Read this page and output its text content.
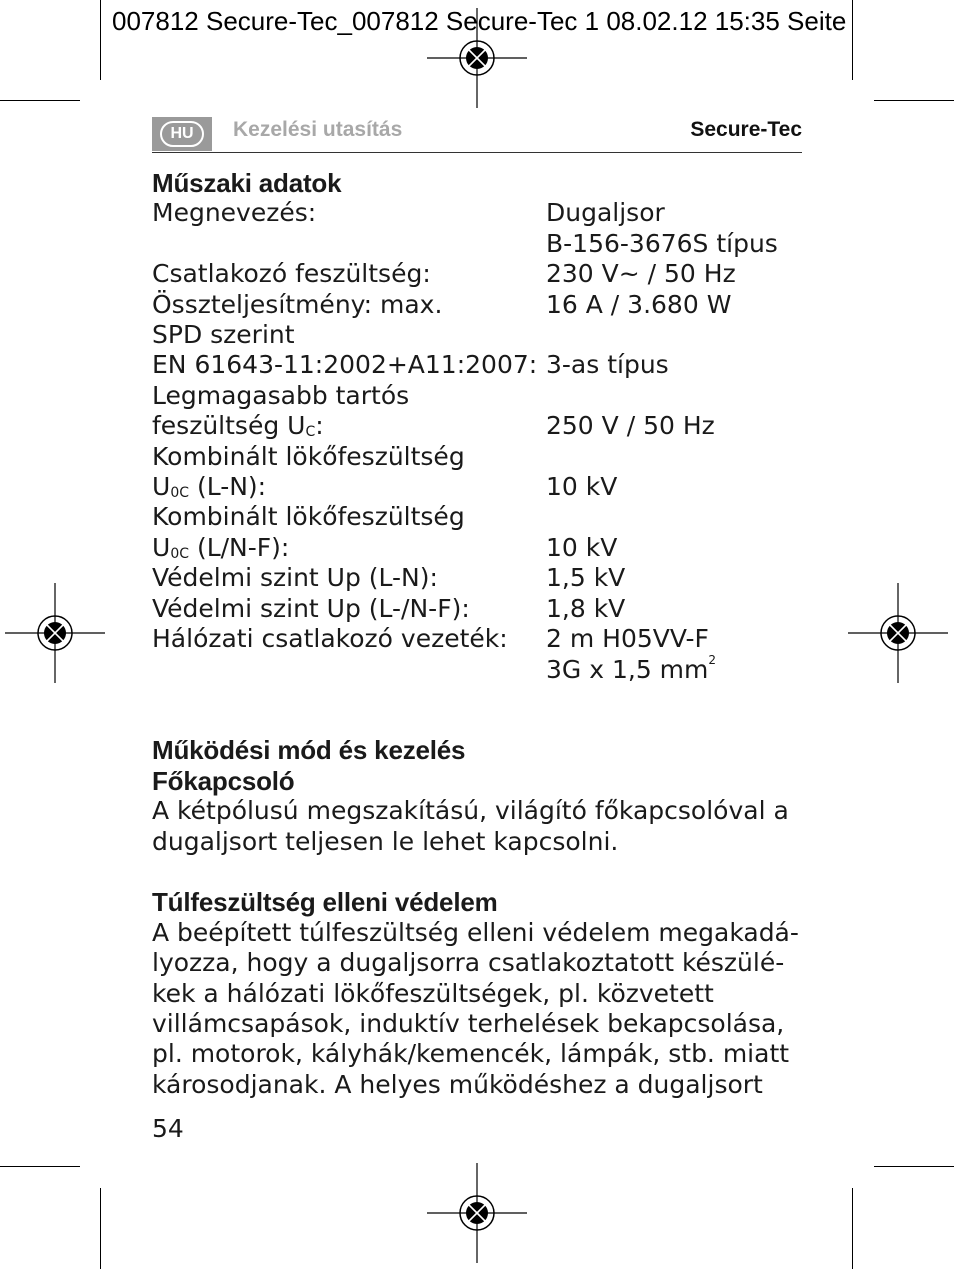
007812 Secure-Tec_007812 Secure-Tec 1 08.02.12 15:35 Seite
HU	Kezelési utasítás	Secure-Tec
Műszaki adatok
Megnevezés:	Dugaljsor
B-156-3676S típus
Csatlakozó feszültség:	230 V~ / 50 Hz
Összteljesítmény: max.	16 A / 3.680 W
SPD szerint
EN 61643-11:2002+A11:2007: 3-as típus
Legmagasabb tartós
feszültség $U_C$:	250 V / 50 Hz
Kombinált lökőfeszültség
$U_{0C}$ (L-N):	10 kV
Kombinált lökőfeszültség
$U_{0C}$ (L/N-F):	10 kV
Védelmi szint Up (L-N):	1,5 kV
Védelmi szint Up (L-/N-F):	1,8 kV
Hálózati csatlakozó vezeték:	2 m H05VV-F
3G x 1,5 $mm^2$
Működési mód és kezelés
Főkapcsoló
A kétpólusú megszakítású, világító főkapcsolóval a
dugaljsort teljesen le lehet kapcsolni.
Túlfeszültség elleni védelem
A beépített túlfeszültség elleni védelem megakadá-
lyozza, hogy a dugaljsorra csatlakoztatott készülé-
kek a hálózati lökőfeszültségek, pl. közvetett
villámcsapások, induktív terhelések bekapcsolása,
pl. motorok, kályhák/kemencék, lámpák, stb. miatt
károsodjanak. A helyes működéshez a dugaljsort
54
